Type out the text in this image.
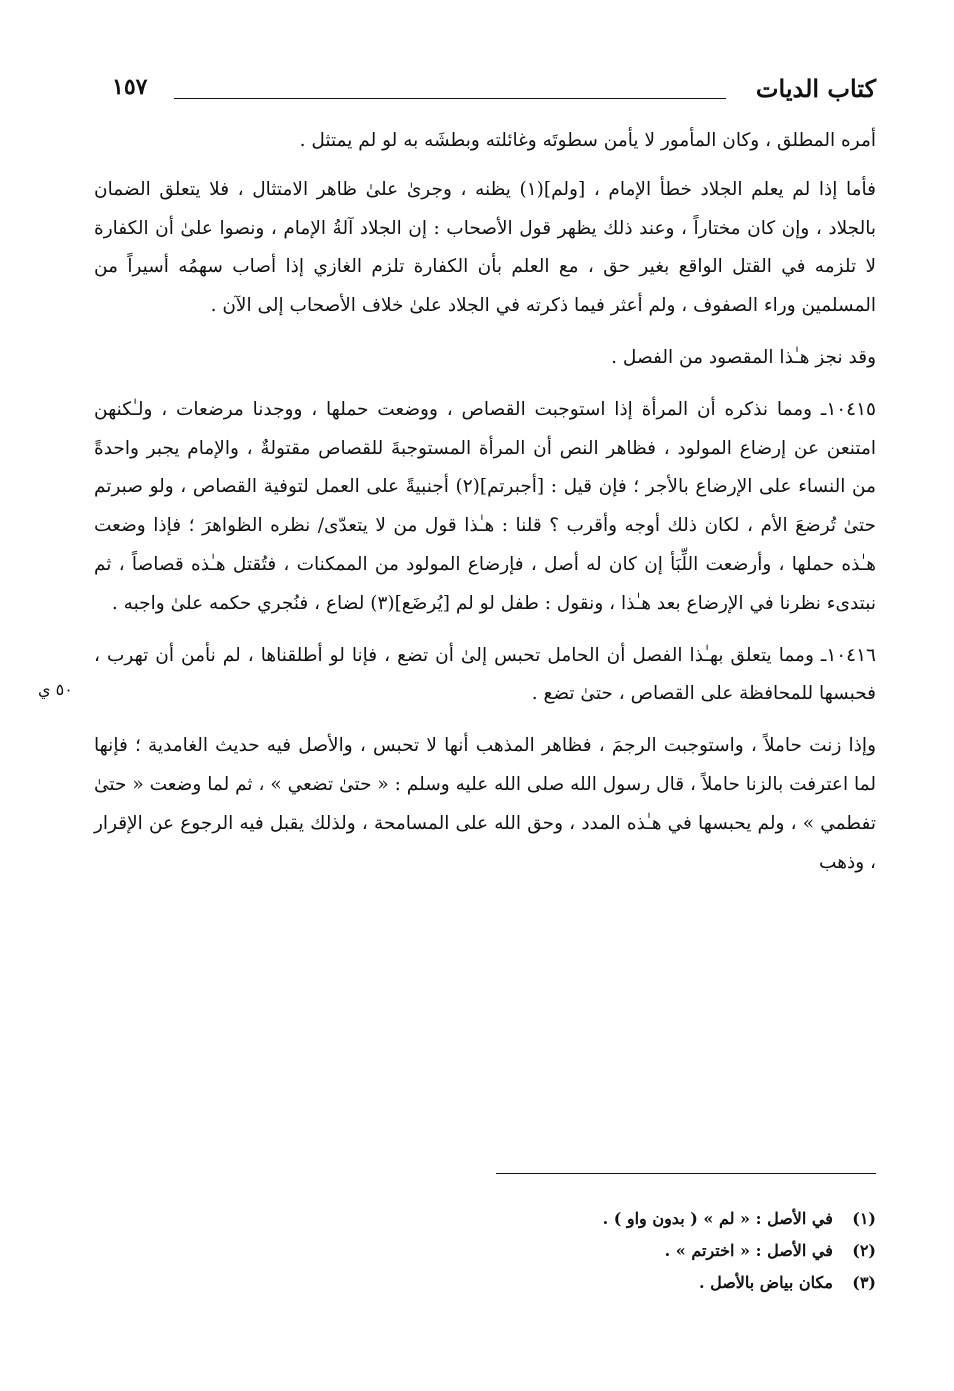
كتاب الديات
١٥٧

أمره المطلق ، وكان المأمور لا يأمن سطوتَه وغائلته وبطشَه به لو لم يمتثل .

فأما إذا لم يعلم الجلاد خطأ الإمام ، [ولم](١) يظنه ، وجرىٰ علىٰ ظاهر الامتثال ، فلا يتعلق الضمان بالجلاد ، وإن كان مختاراً ، وعند ذلك يظهر قول الأصحاب : إن الجلاد آلةُ الإمام ، ونصوا علىٰ أن الكفارة لا تلزمه في القتل الواقع بغير حق ، مع العلم بأن الكفارة تلزم الغازي إذا أصاب سهمُه أسيراً من المسلمين وراء الصفوف ، ولم أعثر فيما ذكرته في الجلاد علىٰ خلاف الأصحاب إلى الآن .

وقد نجز هـٰذا المقصود من الفصل .

١٠٤١٥ـ ومما نذكره أن المرأة إذا استوجبت القصاص ، ووضعت حملها ، ووجدنا مرضعات ، ولـٰكنهن امتنعن عن إرضاع المولود ، فظاهر النص أن المرأة المستوجبةَ للقصاص مقتولةٌ ، والإمام يجبر واحدةً من النساء على الإرضاع بالأجر ؛ فإن قيل : [أجبرتم](٢) أجنبيةً على العمل لتوفية القصاص ، ولو صبرتم حتىٰ تُرضعَ الأم ، لكان ذلك أوجه وأقرب ؟ قلنا : هـٰذا قول من لا يتعدّى/ نظره الظواهرَ ؛ فإذا وضعت هـٰذه حملها ، وأرضعت اللِّبَأ إن كان له أصل ، فإرضاع المولود من الممكنات ، فتُقتل هـٰذه قصاصاً ، ثم نبتدىء نظرنا في الإرضاع بعد هـٰذا ، ونقول : طفل لو لم [يُرضَع](٣) لضاع ، فنُجري حكمه علىٰ واجبه .

١٠٤١٦ـ ومما يتعلق بهـٰذا الفصل أن الحامل تحبس إلىٰ أن تضع ، فإنا لو أطلقناها ، لم نأمن أن تهرب ، فحبسها للمحافظة على القصاص ، حتىٰ تضع .

وإذا زنت حاملاً ، واستوجبت الرجمَ ، فظاهر المذهب أنها لا تحبس ، والأصل فيه حديث الغامدية ؛ فإنها لما اعترفت بالزنا حاملاً ، قال رسول الله صلى الله عليه وسلم : « حتىٰ تضعي » ، ثم لما وضعت « حتىٰ تفطمي » ، ولم يحبسها في هـٰذه المدد ، وحق الله على المسامحة ، ولذلك يقبل فيه الرجوع عن الإقرار ، وذهب

٥٠ ي
(١) في الأصل : « لم » ( بدون واو ) .
(٢) في الأصل : « اخترتم » .
(٣) مكان بياض بالأصل .
